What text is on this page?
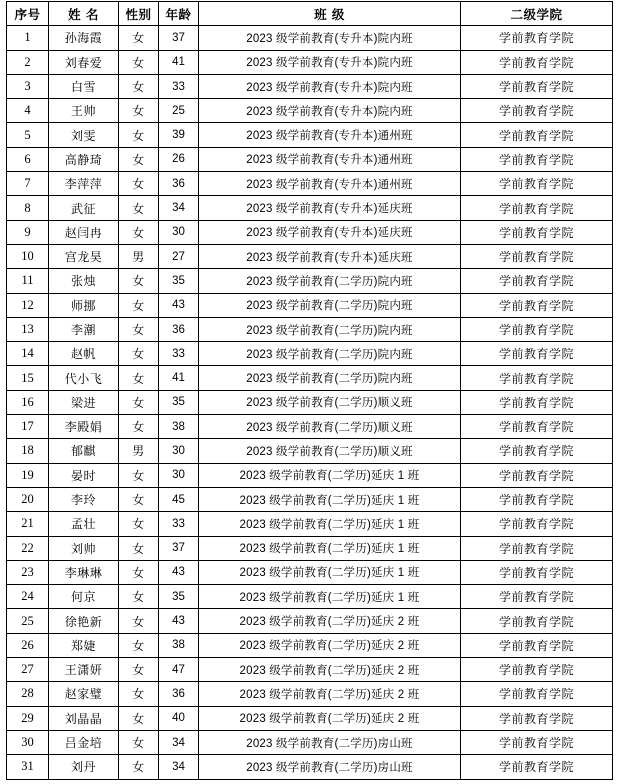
序号	姓 名	性别	年龄	班 级	二级学院
1	孙海霞	女	37	2023 级学前教育(专升本)院内班	学前教育学院
2	刘春爱	女	41	2023 级学前教育(专升本)院内班	学前教育学院
3	白雪	女	33	2023 级学前教育(专升本)院内班	学前教育学院
4	王帅	女	25	2023 级学前教育(专升本)院内班	学前教育学院
5	刘雯	女	39	2023 级学前教育(专升本)通州班	学前教育学院
6	高静琦	女	26	2023 级学前教育(专升本)通州班	学前教育学院
7	李萍萍	女	36	2023 级学前教育(专升本)通州班	学前教育学院
8	武征	女	34	2023 级学前教育(专升本)延庆班	学前教育学院
9	赵闫冉	女	30	2023 级学前教育(专升本)延庆班	学前教育学院
10	宫龙昊	男	27	2023 级学前教育(专升本)延庆班	学前教育学院
11	张烛	女	35	2023 级学前教育(二学历)院内班	学前教育学院
12	师挪	女	43	2023 级学前教育(二学历)院内班	学前教育学院
13	李潮	女	36	2023 级学前教育(二学历)院内班	学前教育学院
14	赵帆	女	33	2023 级学前教育(二学历)院内班	学前教育学院
15	代小飞	女	41	2023 级学前教育(二学历)院内班	学前教育学院
16	梁进	女	35	2023 级学前教育(二学历)顺义班	学前教育学院
17	李殿娟	女	38	2023 级学前教育(二学历)顺义班	学前教育学院
18	郁麒	男	30	2023 级学前教育(二学历)顺义班	学前教育学院
19	晏时	女	30	2023 级学前教育(二学历)延庆 1 班	学前教育学院
20	李玲	女	45	2023 级学前教育(二学历)延庆 1 班	学前教育学院
21	孟壮	女	33	2023 级学前教育(二学历)延庆 1 班	学前教育学院
22	刘帅	女	37	2023 级学前教育(二学历)延庆 1 班	学前教育学院
23	李琳琳	女	43	2023 级学前教育(二学历)延庆 1 班	学前教育学院
24	何京	女	35	2023 级学前教育(二学历)延庆 1 班	学前教育学院
25	徐艳新	女	43	2023 级学前教育(二学历)延庆 2 班	学前教育学院
26	郑婕	女	38	2023 级学前教育(二学历)延庆 2 班	学前教育学院
27	王潇妍	女	47	2023 级学前教育(二学历)延庆 2 班	学前教育学院
28	赵家璧	女	36	2023 级学前教育(二学历)延庆 2 班	学前教育学院
29	刘晶晶	女	40	2023 级学前教育(二学历)延庆 2 班	学前教育学院
30	吕金培	女	34	2023 级学前教育(二学历)房山班	学前教育学院
31	刘丹	女	34	2023 级学前教育(二学历)房山班	学前教育学院
